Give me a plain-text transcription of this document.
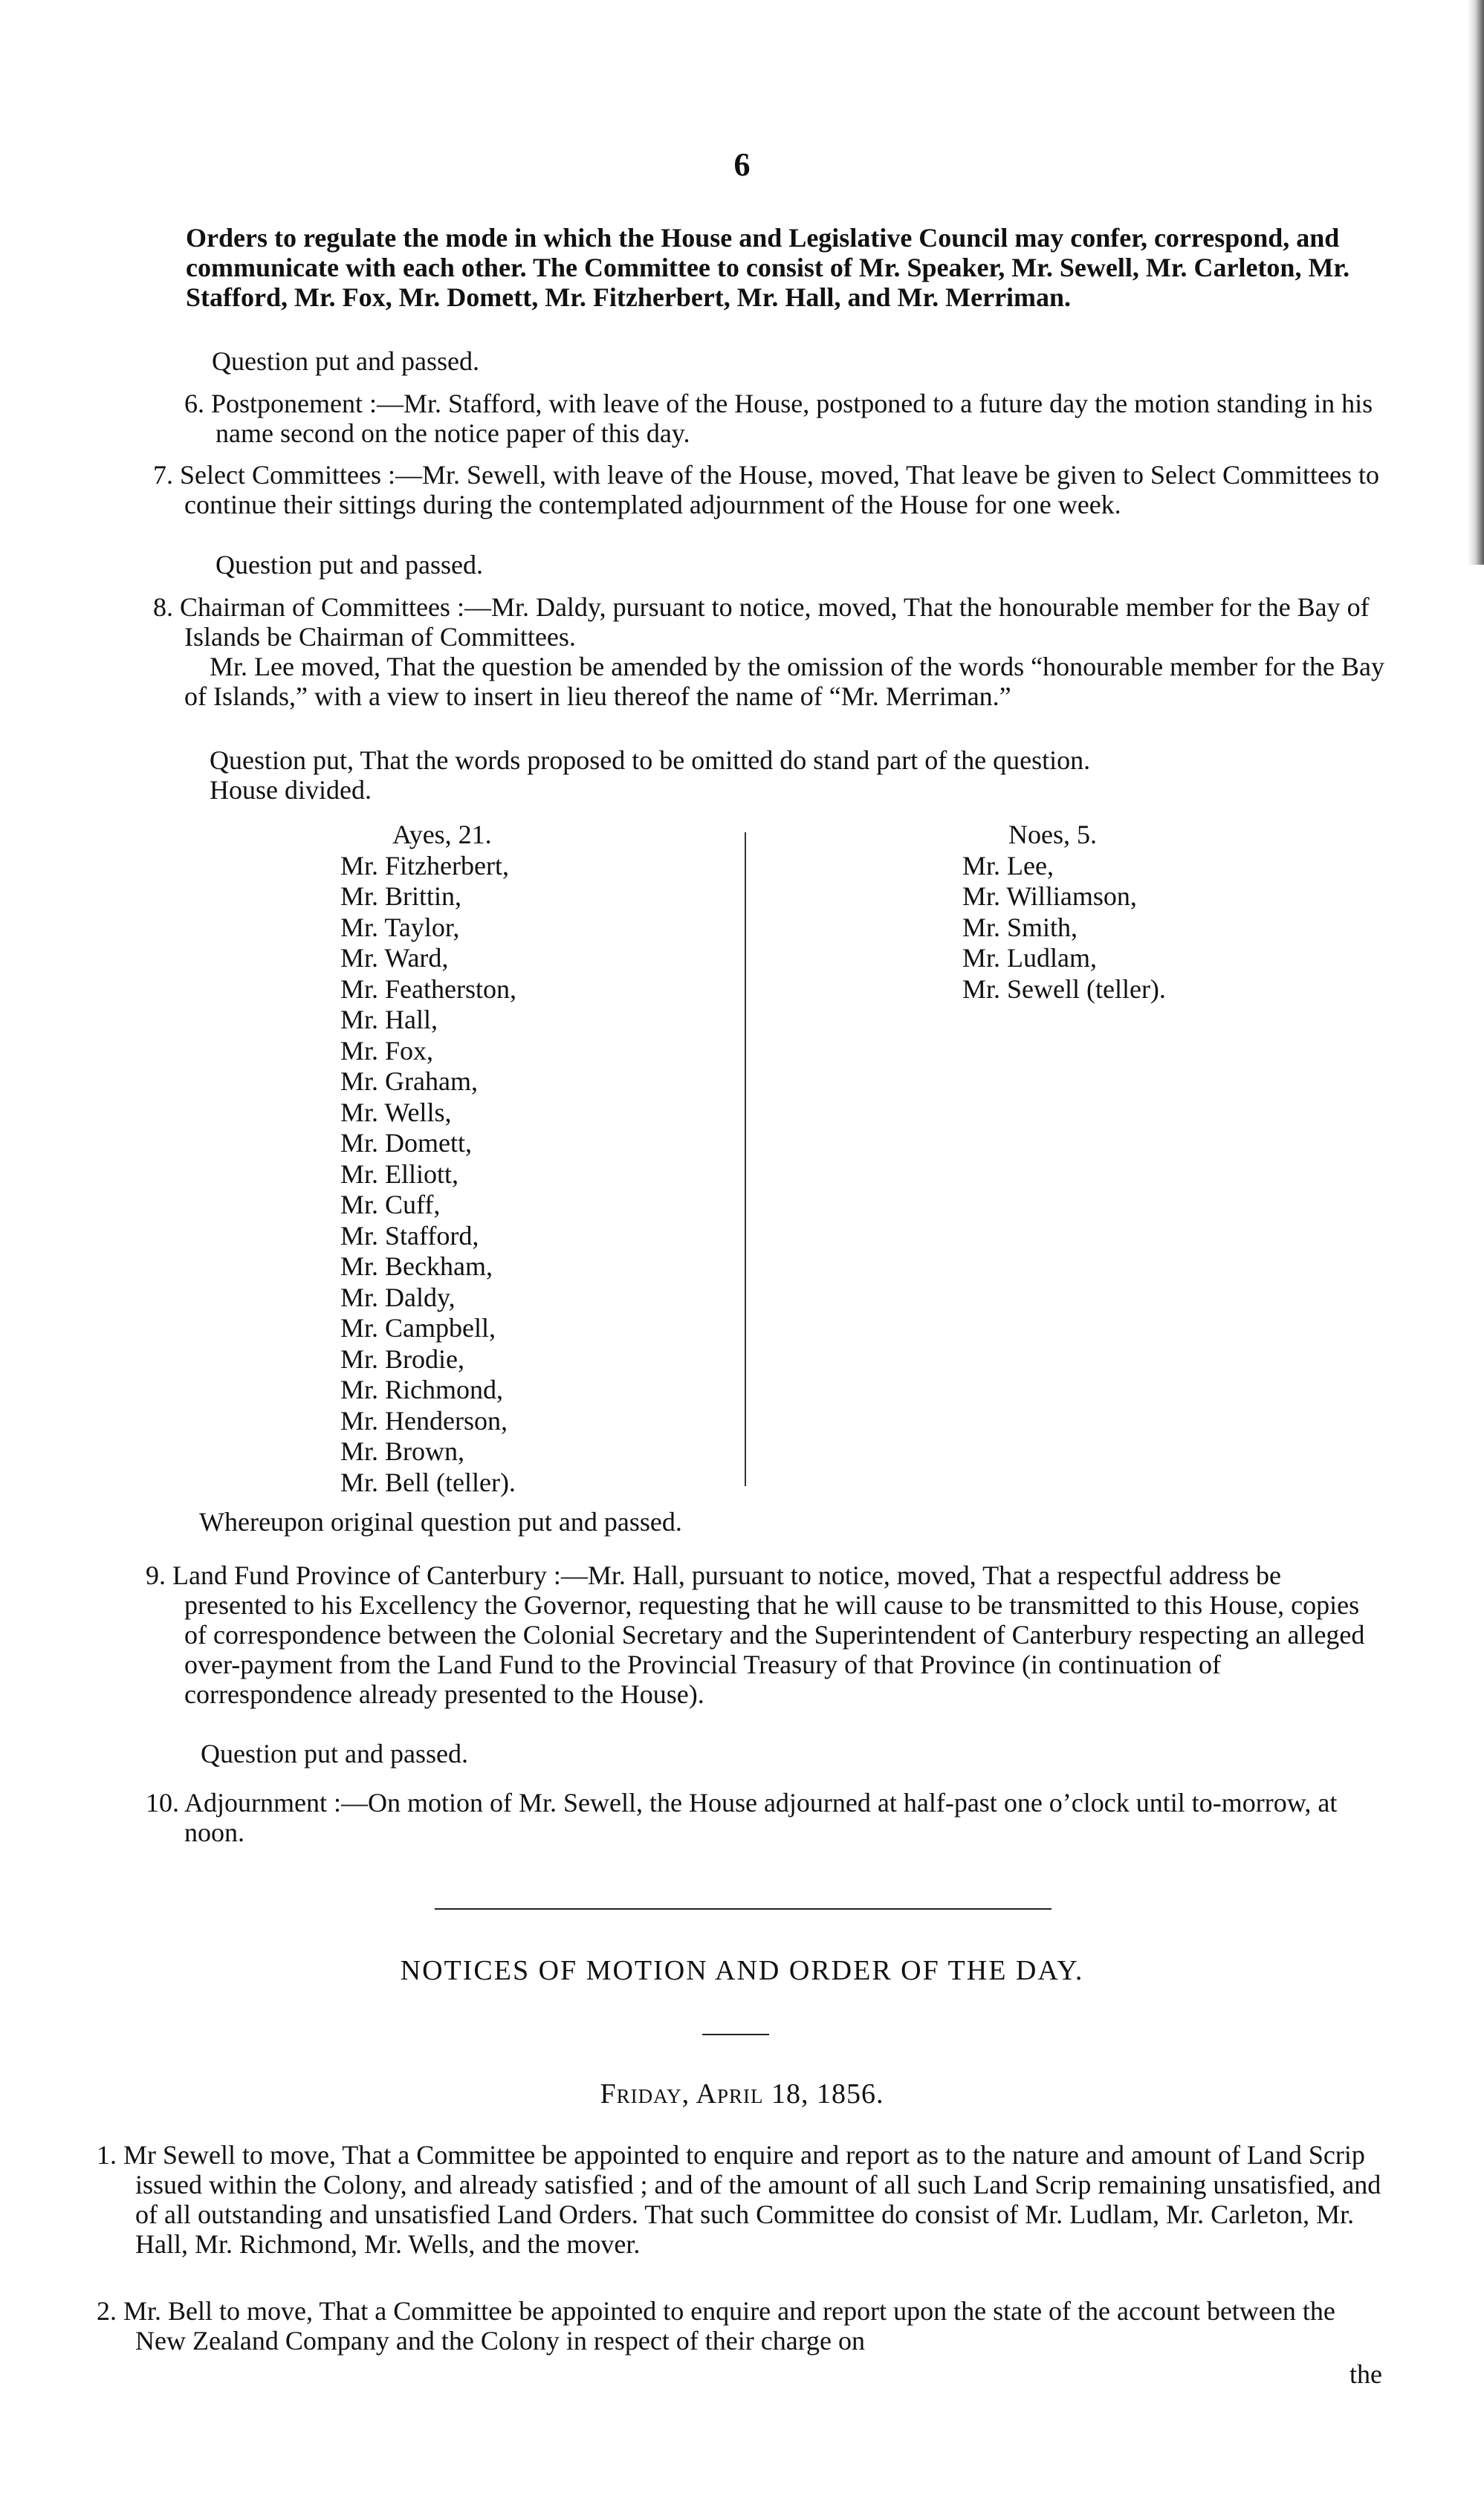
6

Orders to regulate the mode in which the House and Legislative Council may confer, correspond, and communicate with each other. The Committee to consist of Mr. Speaker, Mr. Sewell, Mr. Carleton, Mr. Stafford, Mr. Fox, Mr. Domett, Mr. Fitzherbert, Mr. Hall, and Mr. Merriman.

Question put and passed.

6. Postponement :—Mr. Stafford, with leave of the House, postponed to a future day the motion standing in his name second on the notice paper of this day.

7. Select Committees :—Mr. Sewell, with leave of the House, moved, That leave be given to Select Committees to continue their sittings during the contemplated adjournment of the House for one week.

Question put and passed.

8. Chairman of Committees :—Mr. Daldy, pursuant to notice, moved, That the honourable member for the Bay of Islands be Chairman of Committees.

Mr. Lee moved, That the question be amended by the omission of the words “honourable member for the Bay of Islands,” with a view to insert in lieu thereof the name of “Mr. Merriman.”

Question put, That the words proposed to be omitted do stand part of the question.

House divided.

Ayes, 21.
Mr. Fitzherbert,
Mr. Brittin,
Mr. Taylor,
Mr. Ward,
Mr. Featherston,
Mr. Hall,
Mr. Fox,
Mr. Graham,
Mr. Wells,
Mr. Domett,
Mr. Elliott,
Mr. Cuff,
Mr. Stafford,
Mr. Beckham,
Mr. Daldy,
Mr. Campbell,
Mr. Brodie,
Mr. Richmond,
Mr. Henderson,
Mr. Brown,
Mr. Bell (teller).
Noes, 5.
Mr. Lee,
Mr. Williamson,
Mr. Smith,
Mr. Ludlam,
Mr. Sewell (teller).

Whereupon original question put and passed.

9. Land Fund Province of Canterbury :—Mr. Hall, pursuant to notice, moved, That a respectful address be presented to his Excellency the Governor, requesting that he will cause to be transmitted to this House, copies of correspondence between the Colonial Secretary and the Superintendent of Canterbury respecting an alleged over-payment from the Land Fund to the Provincial Treasury of that Province (in continuation of correspondence already presented to the House).

Question put and passed.

10. Adjournment :—On motion of Mr. Sewell, the House adjourned at half-past one o’clock until to-morrow, at noon.

NOTICES OF MOTION AND ORDER OF THE DAY.
Friday, April 18, 1856.

1. Mr Sewell to move, That a Committee be appointed to enquire and report as to the nature and amount of Land Scrip issued within the Colony, and already satisfied ; and of the amount of all such Land Scrip remaining unsatisfied, and of all outstanding and unsatisfied Land Orders. That such Committee do consist of Mr. Ludlam, Mr. Carleton, Mr. Hall, Mr. Richmond, Mr. Wells, and the mover.

2. Mr. Bell to move, That a Committee be appointed to enquire and report upon the state of the account between the New Zealand Company and the Colony in respect of their charge on

the
